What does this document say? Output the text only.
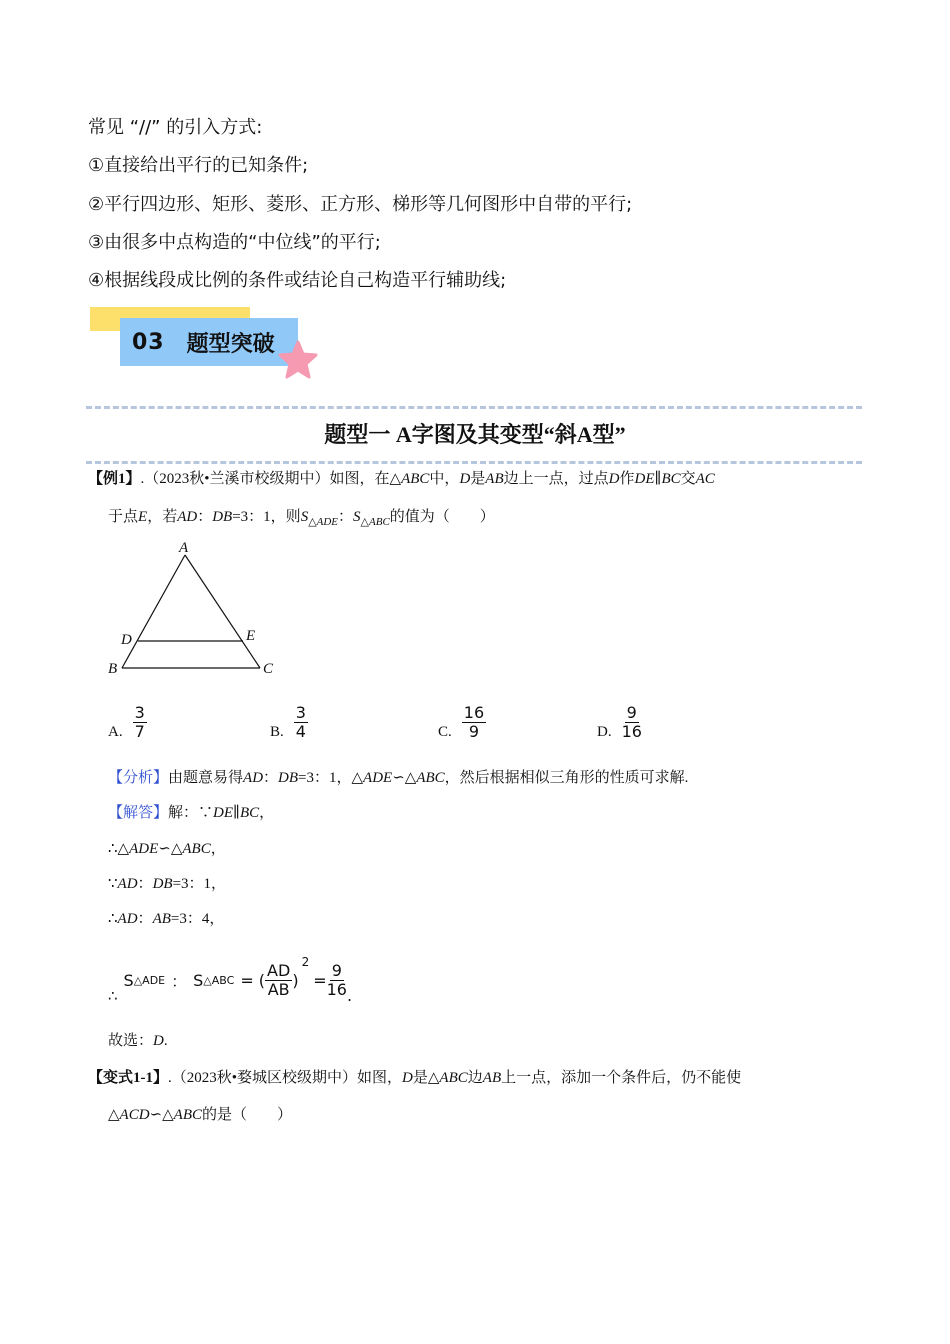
常见 “//” 的引入方式:
①直接给出平行的已知条件;
②平行四边形、矩形、菱形、正方形、梯形等几何图形中自带的平行;
③由很多中点构造的“中位线”的平行;
④根据线段成比例的条件或结论自己构造平行辅助线;
03 题型突破
题型一 A字图及其变型“斜A型”
【例1】.（2023秋•兰溪市校级期中）如图，在△ABC中，D是AB边上一点，过点D作DE∥BC交AC
于点E，若AD：DB=3：1，则$S_{\triangle ADE}$：$S_{\triangle ABC}$的值为（　　）
A
D	E
B	C
A. $\frac{3}{7}$	B. $\frac{3}{4}$	C. $\frac{16}{9}$	D. $\frac{9}{16}$
【分析】由题意易得AD：DB=3：1，△ADE∽△ABC，然后根据相似三角形的性质可求解.
【解答】解：∵DE∥BC，
∴△ADE∽△ABC，
∵AD：DB=3：1，
∴AD：AB=3：4，
∴
S △ADE ： S △ABC = ( $\frac{AD}{AB}$ )
2
= $\frac{9}{16}$ .
故选：D.
【变式1-1】.（2023秋•婺城区校级期中）如图，D是△ABC边AB上一点，添加一个条件后，仍不能使
△ACD∽△ABC的是（　　）
